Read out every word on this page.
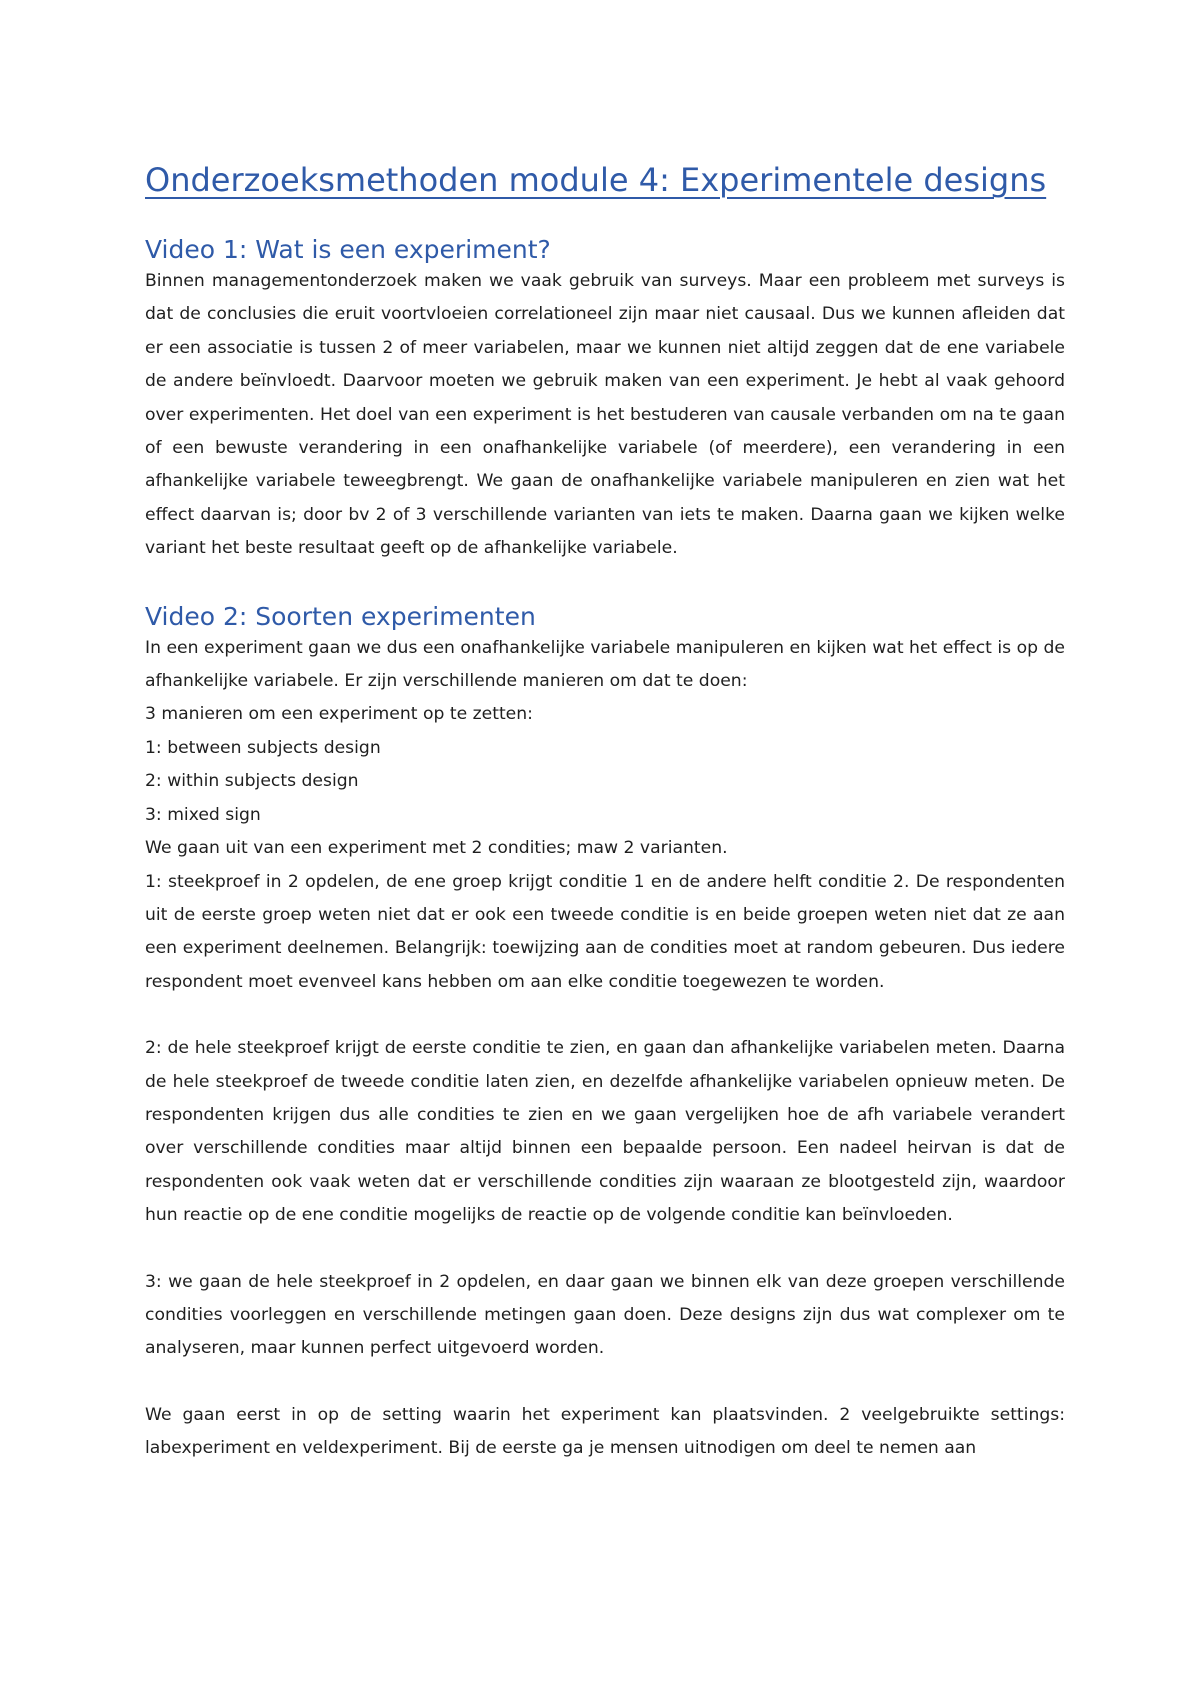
Onderzoeksmethoden module 4: Experimentele designs
Video 1: Wat is een experiment?

Binnen managementonderzoek maken we vaak gebruik van surveys. Maar een probleem met surveys is dat de conclusies die eruit voortvloeien correlationeel zijn maar niet causaal. Dus we kunnen afleiden dat er een associatie is tussen 2 of meer variabelen, maar we kunnen niet altijd zeggen dat de ene variabele de andere beïnvloedt. Daarvoor moeten we gebruik maken van een experiment. Je hebt al vaak gehoord over experimenten. Het doel van een experiment is het bestuderen van causale verbanden om na te gaan of een bewuste verandering in een onafhankelijke variabele (of meerdere), een verandering in een afhankelijke variabele teweegbrengt. We gaan de onafhankelijke variabele manipuleren en zien wat het effect daarvan is; door bv 2 of 3 verschillende varianten van iets te maken. Daarna gaan we kijken welke variant het beste resultaat geeft op de afhankelijke variabele.

Video 2: Soorten experimenten

In een experiment gaan we dus een onafhankelijke variabele manipuleren en kijken wat het effect is op de afhankelijke variabele. Er zijn verschillende manieren om dat te doen:

3 manieren om een experiment op te zetten:

1: between subjects design

2: within subjects design

3: mixed sign

We gaan uit van een experiment met 2 condities; maw 2 varianten.

1: steekproef in 2 opdelen, de ene groep krijgt conditie 1 en de andere helft conditie 2. De respondenten uit de eerste groep weten niet dat er ook een tweede conditie is en beide groepen weten niet dat ze aan een experiment deelnemen. Belangrijk: toewijzing aan de condities moet at random gebeuren. Dus iedere respondent moet evenveel kans hebben om aan elke conditie toegewezen te worden.

2: de hele steekproef krijgt de eerste conditie te zien, en gaan dan afhankelijke variabelen meten. Daarna de hele steekproef de tweede conditie laten zien, en dezelfde afhankelijke variabelen opnieuw meten. De respondenten krijgen dus alle condities te zien en we gaan vergelijken hoe de afh variabele verandert over verschillende condities maar altijd binnen een bepaalde persoon. Een nadeel heirvan is dat de respondenten ook vaak weten dat er verschillende condities zijn waaraan ze blootgesteld zijn, waardoor hun reactie op de ene conditie mogelijks de reactie op de volgende conditie kan beïnvloeden.

3: we gaan de hele steekproef in 2 opdelen, en daar gaan we binnen elk van deze groepen verschillende condities voorleggen en verschillende metingen gaan doen. Deze designs zijn dus wat complexer om te analyseren, maar kunnen perfect uitgevoerd worden.

We gaan eerst in op de setting waarin het experiment kan plaatsvinden. 2 veelgebruikte settings: labexperiment en veldexperiment. Bij de eerste ga je mensen uitnodigen om deel te nemen aan
